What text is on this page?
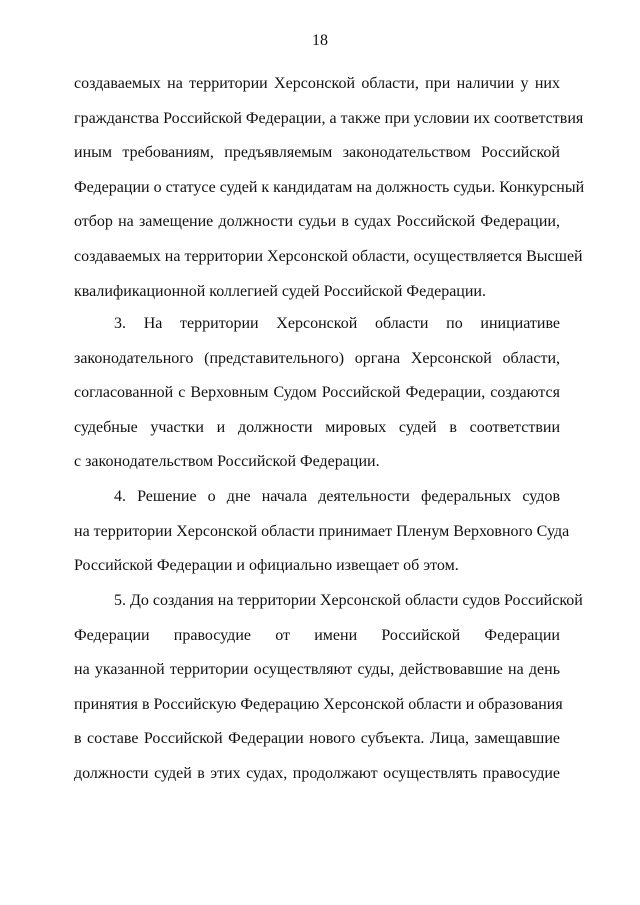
18
создаваемых на территории Херсонской области, при наличии у них
гражданства Российской Федерации, а также при условии их соответствия
иным требованиям, предъявляемым законодательством Российской
Федерации о статусе судей к кандидатам на должность судьи. Конкурсный
отбор на замещение должности судьи в судах Российской Федерации,
создаваемых на территории Херсонской области, осуществляется Высшей
квалификационной коллегией судей Российской Федерации.
3. На территории Херсонской области по инициативе
законодательного (представительного) органа Херсонской области,
согласованной с Верховным Судом Российской Федерации, создаются
судебные участки и должности мировых судей в соответствии
с законодательством Российской Федерации.
4. Решение о дне начала деятельности федеральных судов
на территории Херсонской области принимает Пленум Верховного Суда
Российской Федерации и официально извещает об этом.
5. До создания на территории Херсонской области судов Российской
Федерации правосудие от имени Российской Федерации
на указанной территории осуществляют суды, действовавшие на день
принятия в Российскую Федерацию Херсонской области и образования
в составе Российской Федерации нового субъекта. Лица, замещавшие
должности судей в этих судах, продолжают осуществлять правосудие
